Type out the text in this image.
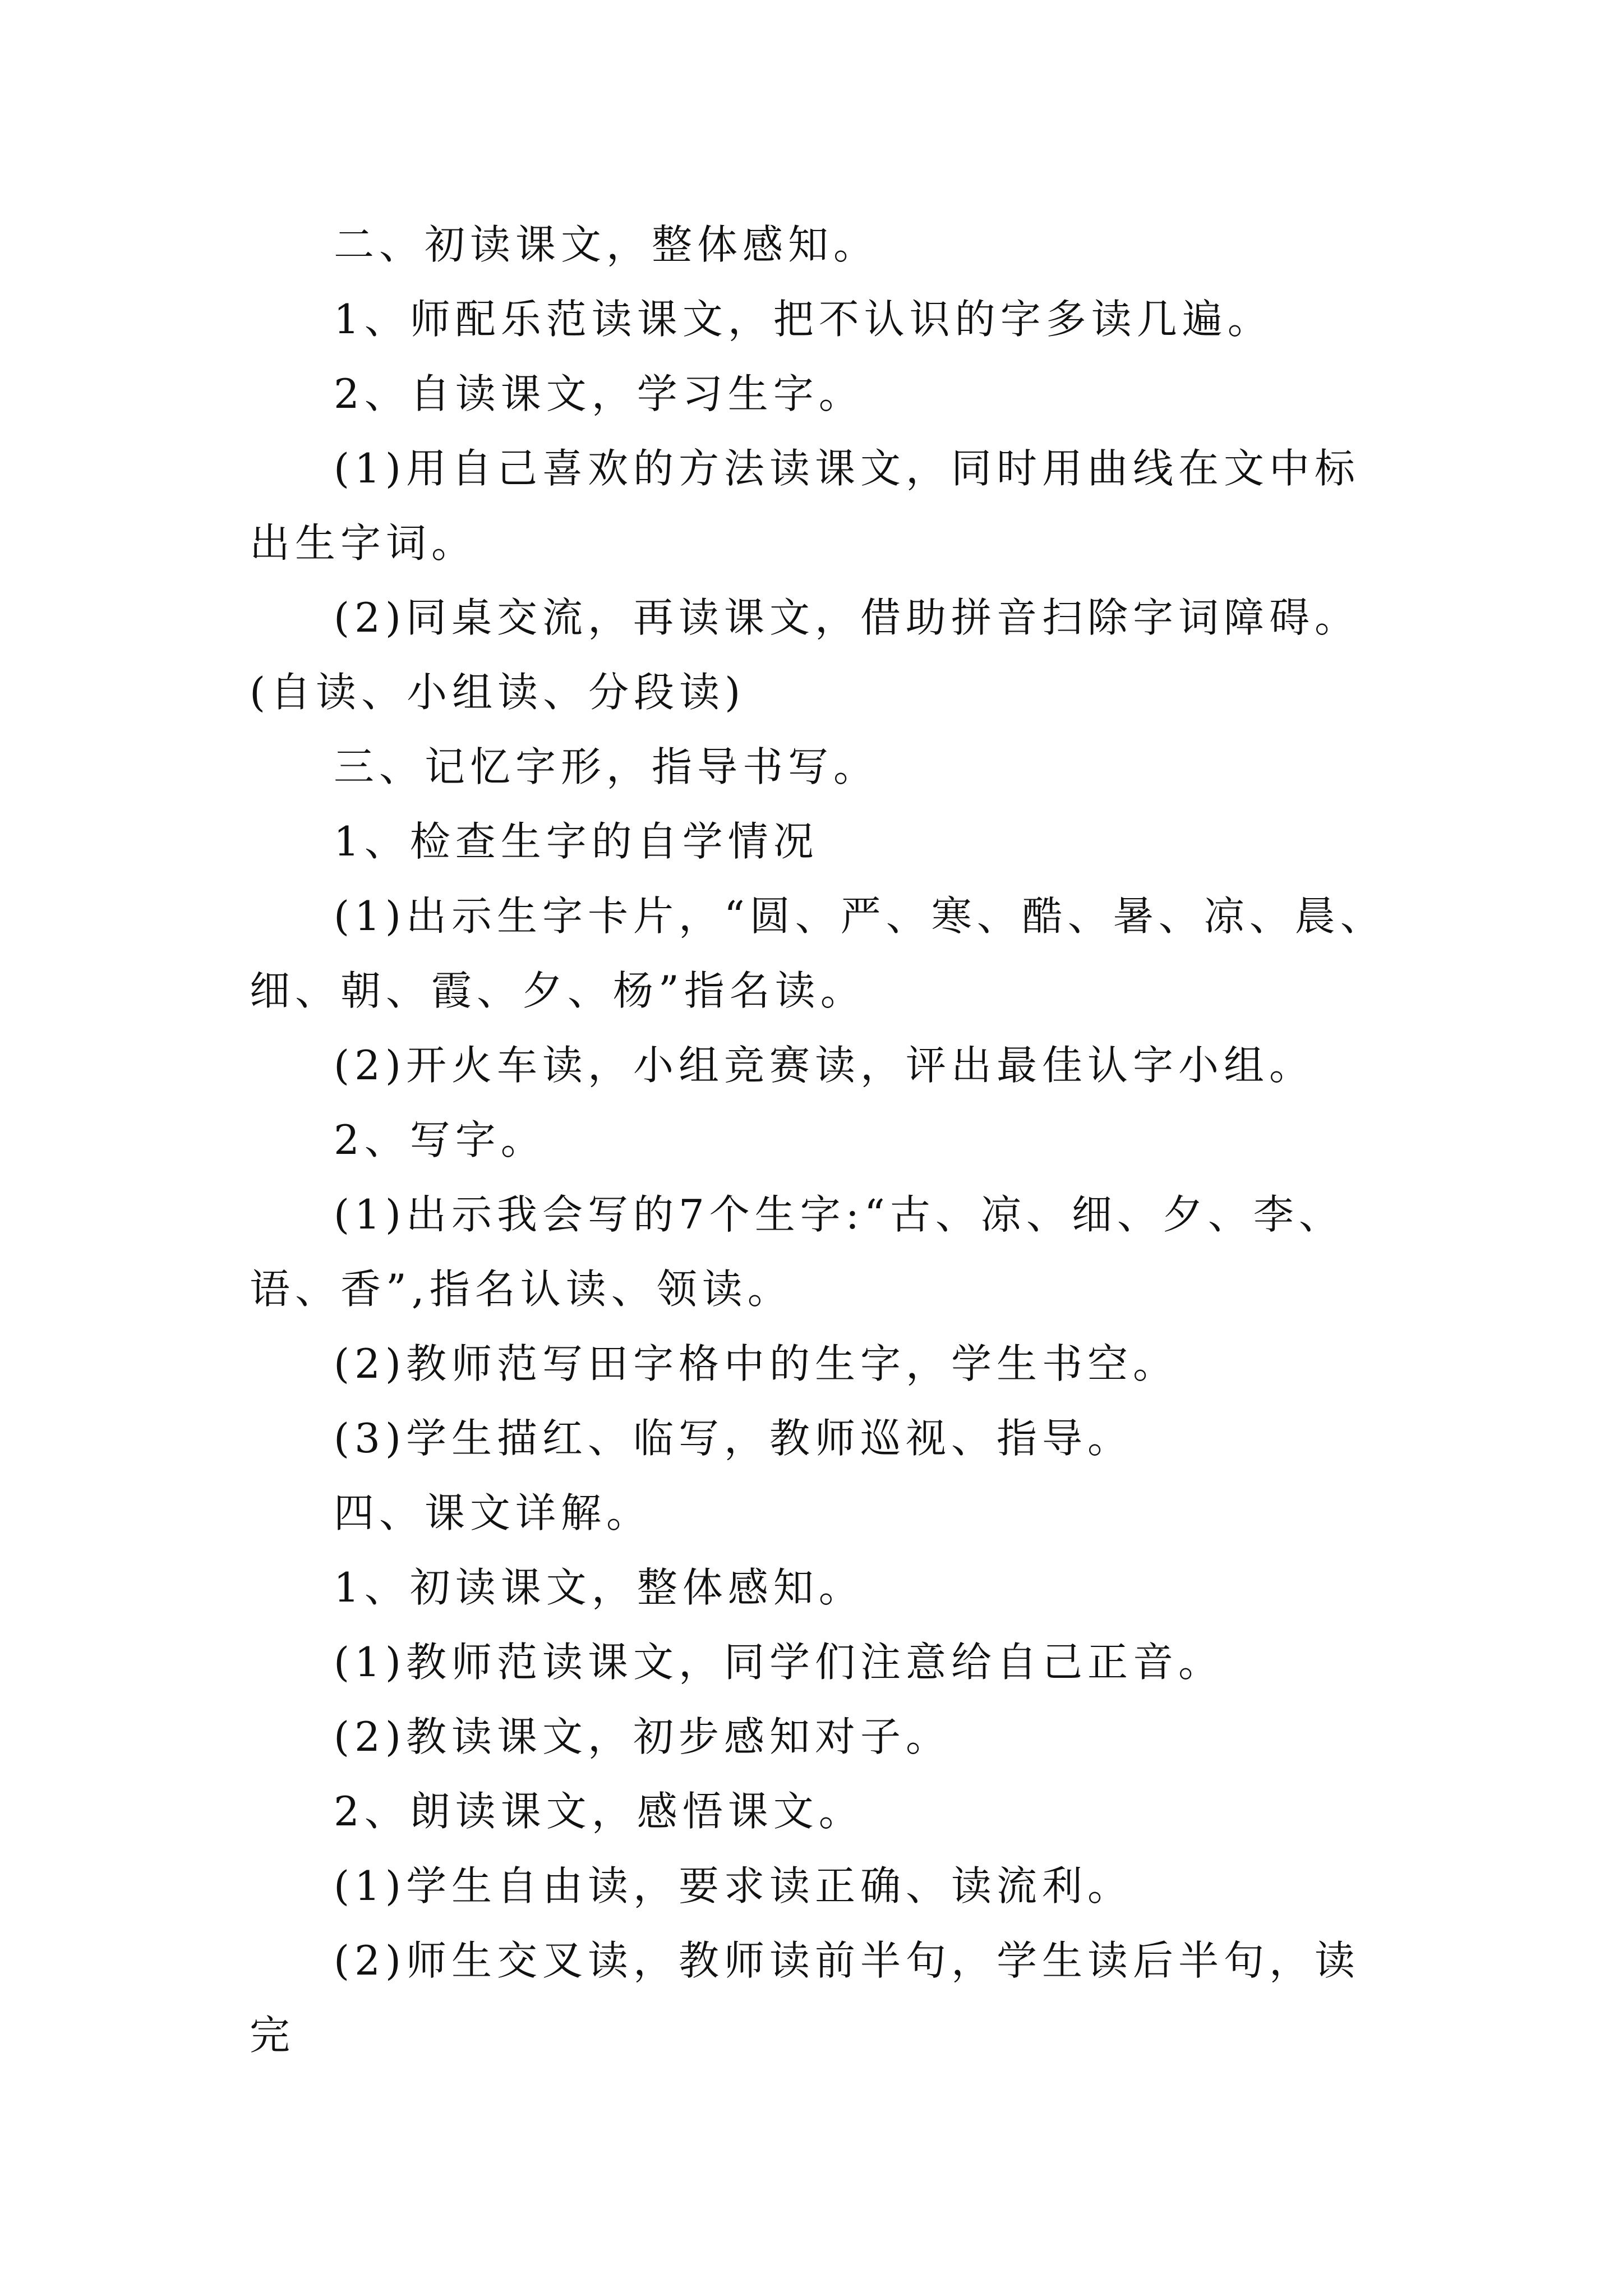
二、初读课文，整体感知。

1、师配乐范读课文，把不认识的字多读几遍。

2、自读课文，学习生字。

(1)用自己喜欢的方法读课文，同时用曲线在文中标出生字词。

(2)同桌交流，再读课文，借助拼音扫除字词障碍。(自读、小组读、分段读)

三、记忆字形，指导书写。

1、检查生字的自学情况

(1)出示生字卡片，“圆、严、寒、酷、暑、凉、晨、细、朝、霞、夕、杨”指名读。

(2)开火车读，小组竞赛读，评出最佳认字小组。

2、写字。

(1)出示我会写的7个生字:“古、凉、细、夕、李、语、香”,指名认读、领读。

(2)教师范写田字格中的生字，学生书空。

(3)学生描红、临写，教师巡视、指导。

四、课文详解。

1、初读课文，整体感知。

(1)教师范读课文，同学们注意给自己正音。

(2)教读课文，初步感知对子。

2、朗读课文，感悟课文。

(1)学生自由读，要求读正确、读流利。

(2)师生交叉读，教师读前半句，学生读后半句，读完
